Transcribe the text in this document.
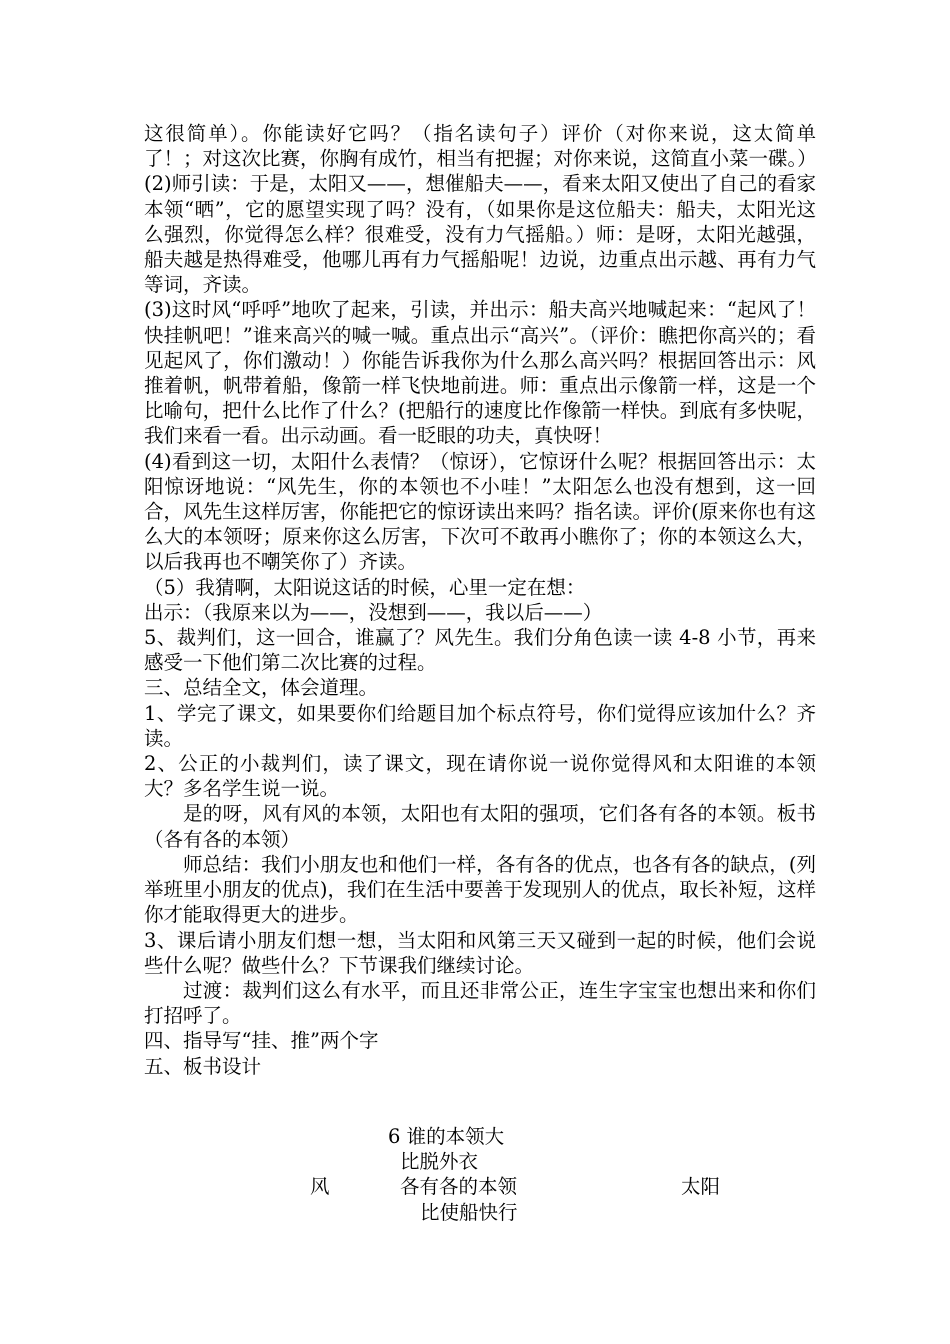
这很简单）。你能读好它吗？（指名读句子）评价（对你来说，这太简单了！；对这次比赛，你胸有成竹，相当有把握；对你来说，这简直小菜一碟。）

(2)师引读：于是，太阳又——，想催船夫——，看来太阳又使出了自己的看家本领“晒”，它的愿望实现了吗？没有，（如果你是这位船夫：船夫，太阳光这么强烈，你觉得怎么样？很难受，没有力气摇船。）师：是呀，太阳光越强，船夫越是热得难受，他哪儿再有力气摇船呢！边说，边重点出示越、再有力气等词，齐读。

(3)这时风“呼呼”地吹了起来，引读，并出示：船夫高兴地喊起来：“起风了！快挂帆吧！”谁来高兴的喊一喊。重点出示“高兴”。（评价：瞧把你高兴的；看见起风了，你们激动！）你能告诉我你为什么那么高兴吗？根据回答出示：风推着帆，帆带着船，像箭一样飞快地前进。师：重点出示像箭一样，这是一个比喻句，把什么比作了什么？(把船行的速度比作像箭一样快。到底有多快呢，我们来看一看。出示动画。看一眨眼的功夫，真快呀！

(4)看到这一切，太阳什么表情？（惊讶），它惊讶什么呢？根据回答出示：太阳惊讶地说：“风先生，你的本领也不小哇！”太阳怎么也没有想到，这一回合，风先生这样厉害，你能把它的惊讶读出来吗？指名读。评价(原来你也有这么大的本领呀；原来你这么厉害，下次可不敢再小瞧你了；你的本领这么大，以后我再也不嘲笑你了）齐读。

（5）我猜啊，太阳说这话的时候，心里一定在想：

出示：（我原来以为——，没想到——，我以后——）

5、裁判们，这一回合，谁赢了？风先生。我们分角色读一读 4-8 小节，再来感受一下他们第二次比赛的过程。

三、总结全文，体会道理。

1、学完了课文，如果要你们给题目加个标点符号，你们觉得应该加什么？齐读。

2、公正的小裁判们，读了课文，现在请你说一说你觉得风和太阳谁的本领大？多名学生说一说。

是的呀，风有风的本领，太阳也有太阳的强项，它们各有各的本领。板书（各有各的本领）

师总结：我们小朋友也和他们一样，各有各的优点，也各有各的缺点，(列举班里小朋友的优点)，我们在生活中要善于发现别人的优点，取长补短，这样你才能取得更大的进步。

3、课后请小朋友们想一想，当太阳和风第三天又碰到一起的时候，他们会说些什么呢？做些什么？下节课我们继续讨论。

过渡：裁判们这么有水平，而且还非常公正，连生字宝宝也想出来和你们打招呼了。

四、指导写“挂、推”两个字

五、板书设计

6 谁的本领大
比脱外衣
风	各有各的本领	太阳
比使船快行
